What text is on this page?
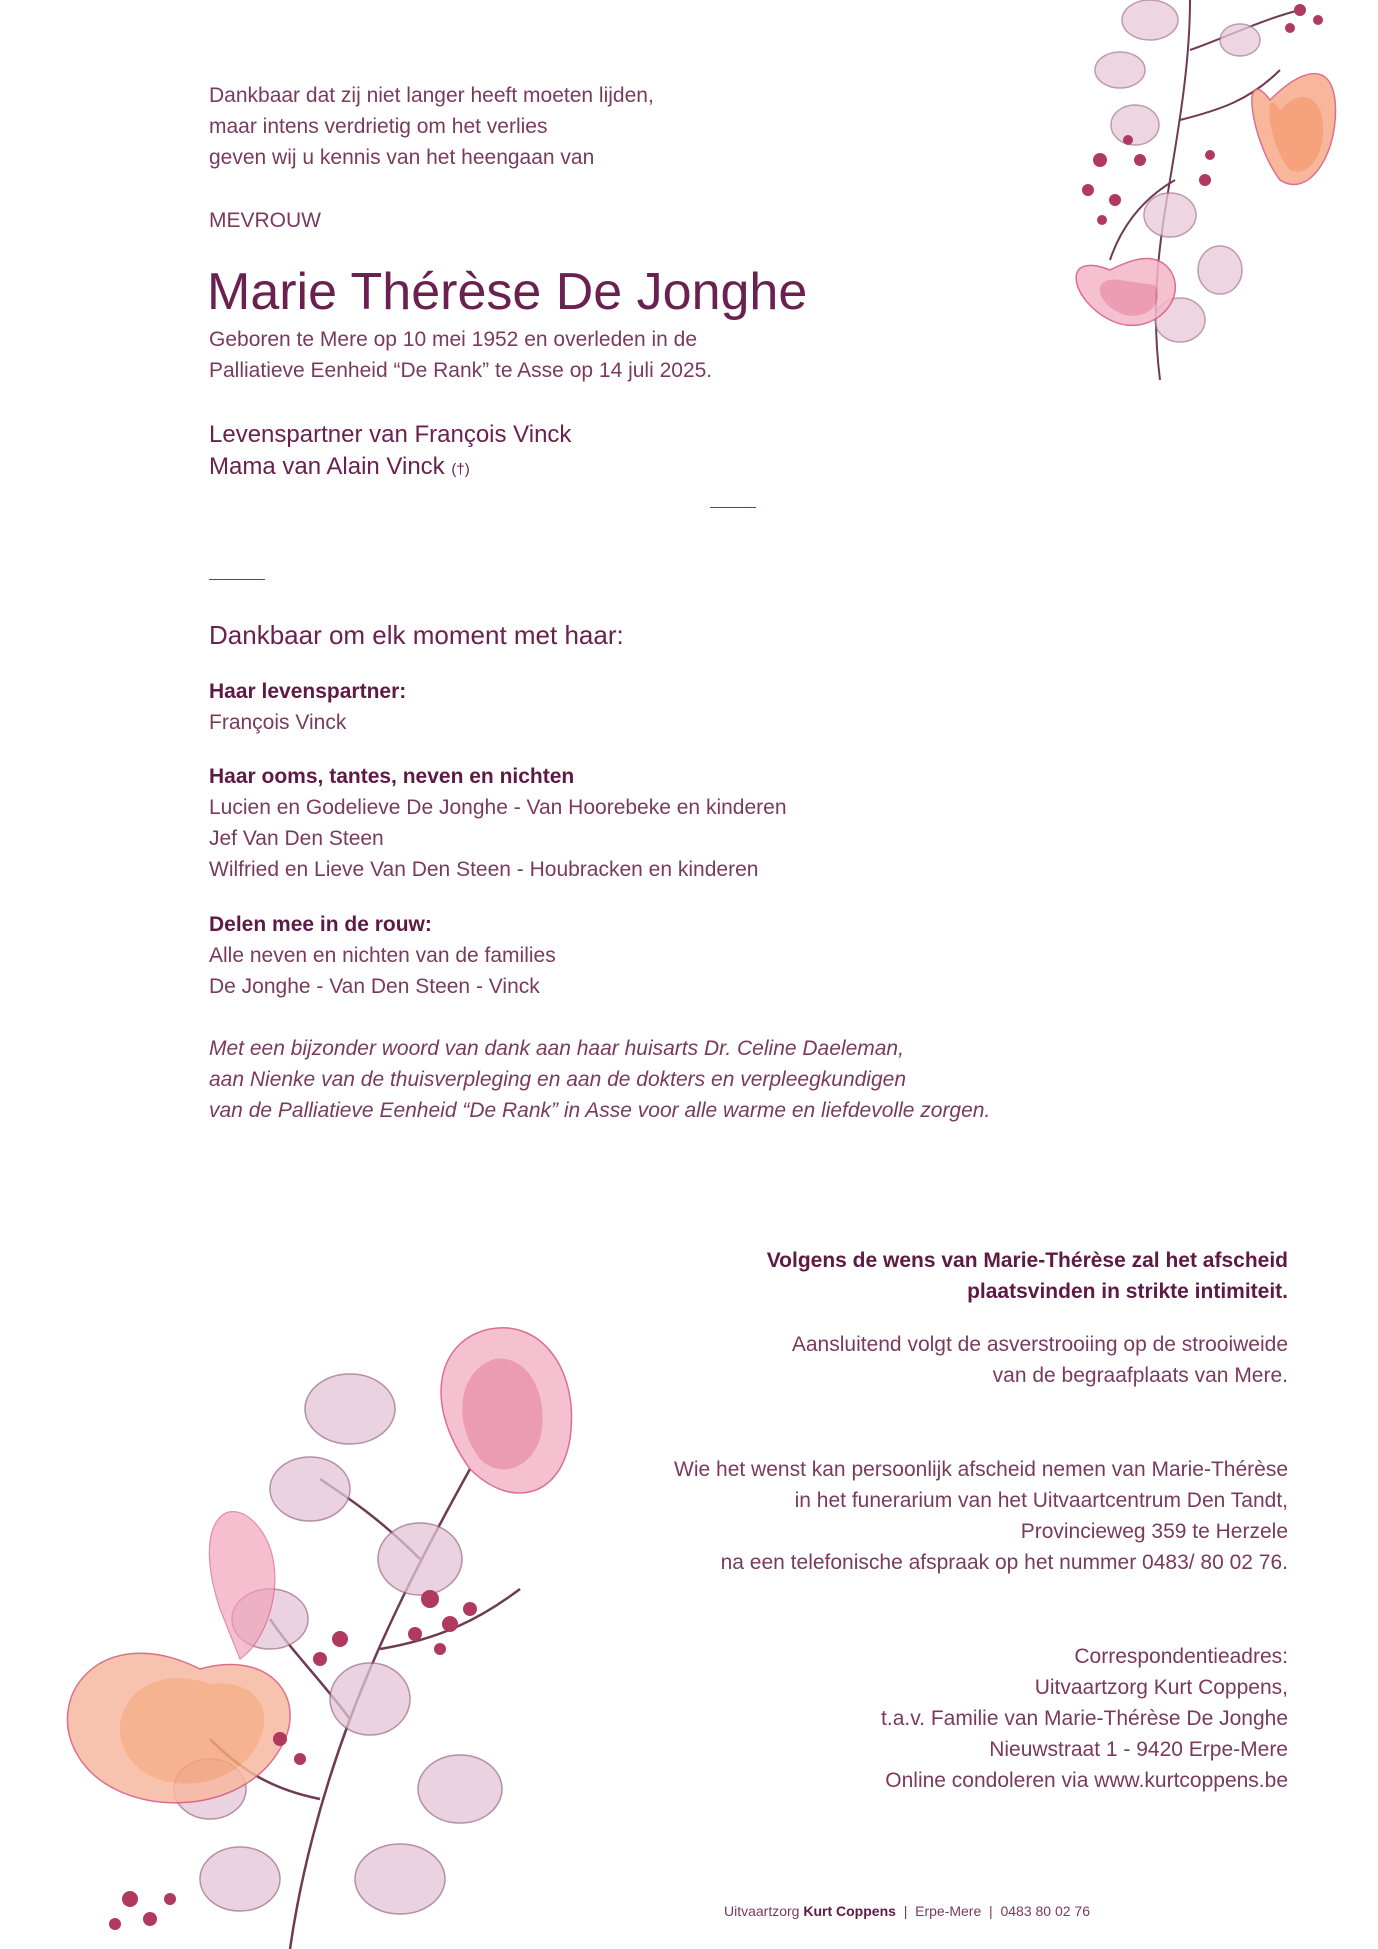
Dankbaar dat zij niet langer heeft moeten lijden,
maar intens verdrietig om het verlies
geven wij u kennis van het heengaan van
MEVROUW
Marie Thérèse De Jonghe
Geboren te Mere op 10 mei 1952 en overleden in de
Palliatieve Eenheid “De Rank” te Asse op 14 juli 2025.
Levenspartner van François Vinck
Mama van Alain Vinck (†)
Dankbaar om elk moment met haar:
Haar levenspartner:
François Vinck
Haar ooms, tantes, neven en nichten
Lucien en Godelieve De Jonghe - Van Hoorebeke en kinderen
Jef Van Den Steen
Wilfried en Lieve Van Den Steen - Houbracken en kinderen
Delen mee in de rouw:
Alle neven en nichten van de families
De Jonghe - Van Den Steen - Vinck
Met een bijzonder woord van dank aan haar huisarts Dr. Celine Daeleman,
aan Nienke van de thuisverpleging en aan de dokters en verpleegkundigen
van de Palliatieve Eenheid “De Rank” in Asse voor alle warme en liefdevolle zorgen.
Volgens de wens van Marie-Thérèse zal het afscheid
plaatsvinden in strikte intimiteit.
Aansluitend volgt de asverstrooiing op de strooiweide
van de begraafplaats van Mere.
Wie het wenst kan persoonlijk afscheid nemen van Marie-Thérèse
in het funerarium van het Uitvaartcentrum Den Tandt,
Provincieweg 359 te Herzele
na een telefonische afspraak op het nummer 0483/ 80 02 76.
Correspondentieadres:
Uitvaartzorg Kurt Coppens,
t.a.v. Familie van Marie-Thérèse De Jonghe
Nieuwstraat 1 - 9420 Erpe-Mere
Online condoleren via www.kurtcoppens.be
Uitvaartzorg Kurt Coppens | Erpe-Mere | 0483 80 02 76
